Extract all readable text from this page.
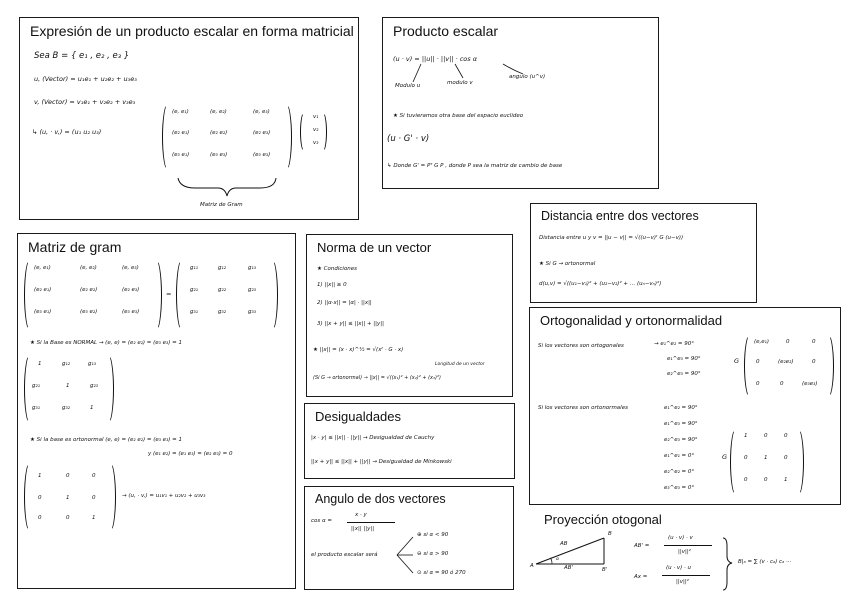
Expresión de un producto escalar en forma matricial
Sea B = { e₁ , e₂ , e₃ }
u, (Vector) = u₁e₁ + u₂e₂ + u₃e₃
v, (Vector) = v₁e₁ + v₂e₂ + v₃e₃
↳ (u, · v,) = (u₁ u₂ u₃)
(e, e₁)	(e, e₂)	(e, e₃)
(e₂ e₁)	(e₂ e₂)	(e₂ e₃)
(e₃ e₁)	(e₃ e₃)	(e₃ e₃)
v₁
v₂
v₃
Matriz de Gram
Producto escalar
(u · v) = ||u|| · ||v|| · cos α
Modulo u	modulo v
angulo (u^v)
★ Si tuvieramos otra base del espacio euclideo
(u · G' · v)
↳ Donde G' = Pᵀ G P , donde P sea la matriz de cambio de base
Matriz de gram
(e, e₁)	(e, e₂)	(e, e₃)
(e₂ e₁)	(e₂ e₂)	(e₂ e₃)
(e₃ e₁)	(e₃ e₂)	(e₃ e₃)
=
g₁₁	g₁₂	g₁₃
g₂₁	g₂₂	g₂₃
g₃₁	g₃₂	g₃₃
★ Si la Base es NORMAL → (e, e) = (e₂ e₂) = (e₃ e₃) = 1
1	g₁₂	g₁₃
g₂₁	1	g₂₃
g₃₁	g₃₂	1
★ Si la base es ortonormal (e, e) = (e₂ e₂) = (e₃ e₃) = 1
y (e₁ e₂) = (e₁ e₃) = (e₂ e₃) = 0
1	0	0
0	1	0
0	0	1
→ (u, · v,) = u₁v₁ + u₂v₂ + u₃v₃
Norma de un vector
★ Condiciones
1) ||x|| ≥ 0
2) ||α·x|| = |α| · ||x||
3) ||x + y|| ≤ ||x|| + ||y||
★ ||x|| = (x · x)^½ = √(xᵗ · G · x)
Longitud de un vector
(Si G → ortonormal) → ||x|| = √((x₁)² + (x₂)² + (x₃)²)
Desigualdades
|x · y| ≤ ||x|| · ||y|| → Desigualdad de Cauchy
||x + y|| ≤ ||x|| + ||y|| → Desigualdad de Minkowski
Angulo de dos vectores
cos α =
x · y
||x|| ||y||
el producto escalar será
⊕ si α < 90
⊖ si α > 90
⊙ si α = 90 ó 270
Distancia entre dos vectores
Distancia entre u y v = ||u − v|| = √((u−v)ᵗ G (u−v))
★ Si G → ortonormal
d(u,v) = √((u₁−v₁)² + (u₂−v₂)² + … (uₙ−vₙ)²)
Ortogonalidad y ortonormalidad
Si los vectores son ortogonales	→ e₁^e₂ = 90°
e₁^e₃ = 90°
e₂^e₃ = 90°
G
(e,e₁)	0	0
0	(e₂e₂)	0
0	0	(e₃e₃)
Si los vectores son ortonormales	e₁^e₂ = 90°
e₁^e₃ = 90°
e₂^e₃ = 90°
e₁^e₁ = 0°
e₂^e₂ = 0°
e₃^e₃ = 0°
G
1	0	0
0	1	0
0	0	1
Proyección otogonal
A
B
B'
AB
AB'
α
AB' =
(u · v) · v
||v||²
Ax =
(u · v) · u
||v||²
B|ₐ = ∑ (v · cₐ) cₐ ···
